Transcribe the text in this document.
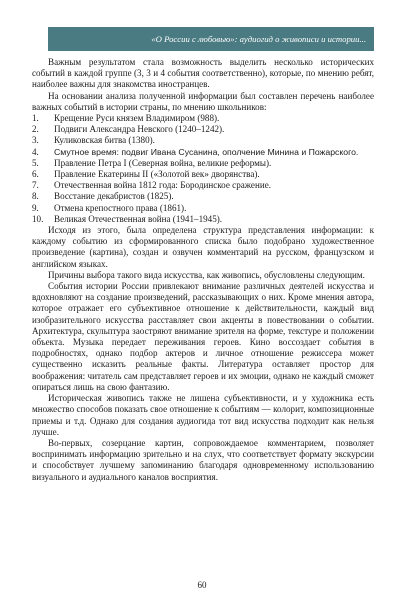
«О России с любовью»: аудиогид о живописи и истории...

Важным результатом стала возможность выделить несколько исторических событий в каждой группе (3, 3 и 4 события соответственно), которые, по мнению ребят, наиболее важны для знакомства иностранцев.

На основании анализа полученной информации был составлен перечень наиболее важных событий в истории страны, по мнению школьников:

1.	Крещение Руси князем Владимиром (988).
2.	Подвиги Александра Невского (1240–1242).
3.	Куликовская битва (1380).
4.	Смутное время: подвиг Ивана Сусанина, ополчение Минина и Пожарского.
5.	Правление Петра I (Северная война, великие реформы).
6.	Правление Екатерины II («Золотой век» дворянства).
7.	Отечественная война 1812 года: Бородинское сражение.
8.	Восстание декабристов (1825).
9.	Отмена крепостного права (1861).
10.	Великая Отечественная война (1941–1945).

Исходя из этого, была определена структура представления информации: к каждому событию из сформированного списка было подобрано художественное произведение (картина), создан и озвучен комментарий на русском, французском и английском языках.

Причины выбора такого вида искусства, как живопись, обусловлены следующим.

События истории России привлекают внимание различных деятелей искусства и вдохновляют на создание произведений, рассказывающих о них. Кроме мнения автора, которое отражает его субъективное отношение к действительности, каждый вид изобразительного искусства расставляет свои акценты в повествовании о событии. Архитектура, скульптура заостряют внимание зрителя на форме, текстуре и положении объекта. Музыка передает переживания героев. Кино воссоздает события в подробностях, однако подбор актеров и личное отношение режиссера может существенно исказить реальные факты. Литература оставляет простор для воображения: читатель сам представляет героев и их эмоции, однако не каждый сможет опираться лишь на свою фантазию.

Историческая живопись также не лишена субъективности, и у художника есть множество способов показать свое отношение к событиям — колорит, композиционные приемы и т.д. Однако для создания аудиогида тот вид искусства подходит как нельзя лучше.

Во-первых, созерцание картин, сопровождаемое комментарием, позволяет воспринимать информацию зрительно и на слух, что соответствует формату экскурсии и способствует лучшему запоминанию благодаря одновременному использованию визуального и аудиального каналов восприятия.

60
